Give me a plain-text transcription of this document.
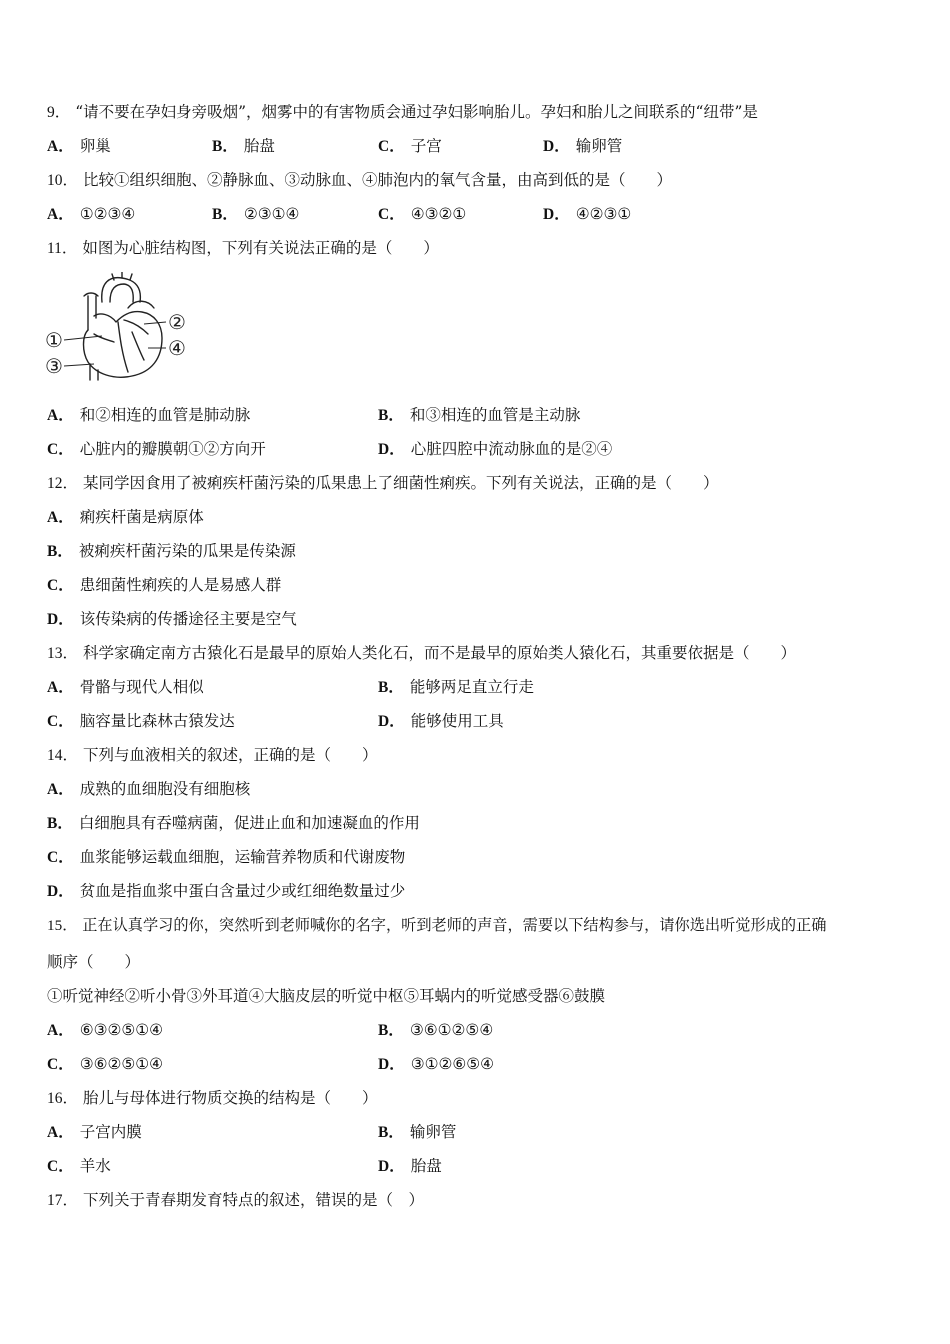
9． “请不要在孕妇身旁吸烟”，烟雾中的有害物质会通过孕妇影响胎儿。孕妇和胎儿之间联系的“纽带”是
A． 卵巢	B． 胎盘	C． 子宫	D． 输卵管
10． 比较①组织细胞、②静脉血、③动脉血、④肺泡内的氧气含量，由高到低的是（　　）
A． ①②③④	B． ②③①④	C． ④③②①	D． ④②③①
11． 如图为心脏结构图，下列有关说法正确的是（　　）
①
②
③
④
A． 和②相连的血管是肺动脉	B． 和③相连的血管是主动脉
C． 心脏内的瓣膜朝①②方向开	D． 心脏四腔中流动脉血的是②④
12． 某同学因食用了被痢疾杆菌污染的瓜果患上了细菌性痢疾。下列有关说法，正确的是（　　）
A． 痢疾杆菌是病原体
B． 被痢疾杆菌污染的瓜果是传染源
C． 患细菌性痢疾的人是易感人群
D． 该传染病的传播途径主要是空气
13． 科学家确定南方古猿化石是最早的原始人类化石，而不是最早的原始类人猿化石，其重要依据是（　　）
A． 骨骼与现代人相似	B． 能够两足直立行走
C． 脑容量比森林古猿发达	D． 能够使用工具
14． 下列与血液相关的叙述，正确的是（　　）
A． 成熟的血细胞没有细胞核
B． 白细胞具有吞噬病菌，促进止血和加速凝血的作用
C． 血浆能够运载血细胞，运输营养物质和代谢废物
D． 贫血是指血浆中蛋白含量过少或红细绝数量过少
15． 正在认真学习的你，突然听到老师喊你的名字，听到老师的声音，需要以下结构参与，请你选出听觉形成的正确
顺序（　　）
①听觉神经②听小骨③外耳道④大脑皮层的听觉中枢⑤耳蜗内的听觉感受器⑥鼓膜
A． ⑥③②⑤①④	B． ③⑥①②⑤④
C． ③⑥②⑤①④	D． ③①②⑥⑤④
16． 胎儿与母体进行物质交换的结构是（　　）
A． 子宫内膜	B． 输卵管
C． 羊水	D． 胎盘
17． 下列关于青春期发育特点的叙述，错误的是（　）
